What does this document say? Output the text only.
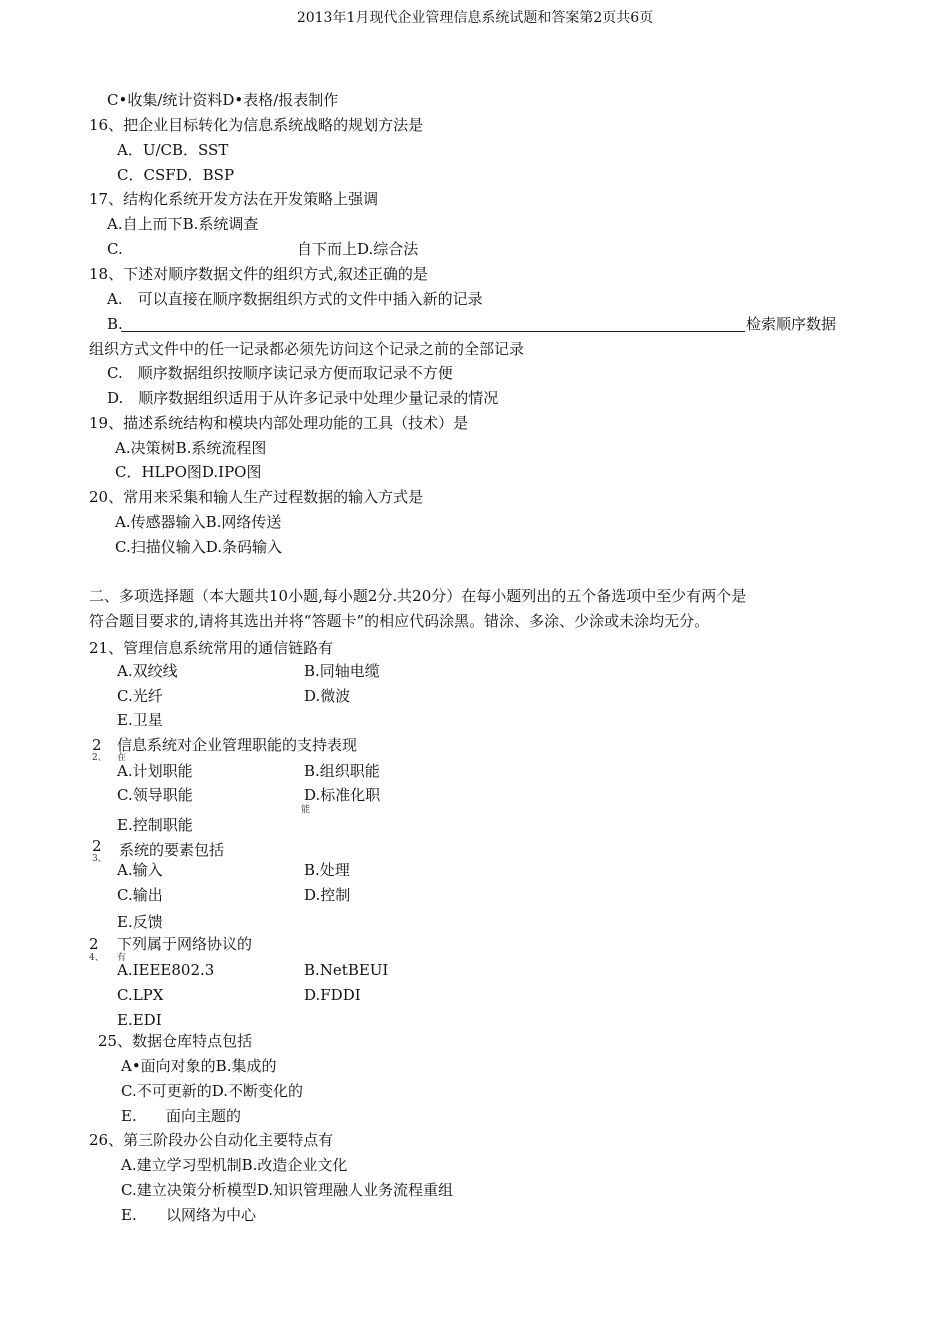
2013年1月现代企业管理信息系统试题和答案第2页共6页
C•收集/统计资料D•表格/报表制作
16、把企业目标转化为信息系统战略的规划方法是
A．U/CB．SST
C．CSFD．BSP
17、结构化系统开发方法在开发策略上强调
A.自上而下B.系统调查
C.	自下而上D.综合法
18、下述对顺序数据文件的组织方式,叙述正确的是
A.　可以直接在顺序数据组织方式的文件中插入新的记录
B.	检索顺序数据
组织方式文件中的任一记录都必须先访问这个记录之前的全部记录
C.　顺序数据组织按顺序读记录方便而取记录不方便
D.　顺序数据组织适用于从许多记录中处理少量记录的情况
19、描述系统结构和模块内部处理功能的工具（技术）是
A.决策树B.系统流程图
C．HLPO图D.IPO图
20、常用来采集和输人生产过程数据的输入方式是
A.传感器输入B.网络传送
C.扫描仪输入D.条码输入
二、多项选择题（本大题共10小题,每小题2分.共20分）在每小题列出的五个备选项中至少有两个是
符合题目要求的,请将其选出并将“答题卡”的相应代码涂黑。错涂、多涂、少涂或未涂均无分。
21、管理信息系统常用的通信链路有
A.双绞线	B.同轴电缆
C.光纤	D.微波
E.卫星
2
2、
信息系统对企业管理职能的支持表现
在
A.计划职能	B.组织职能
C.领导职能	D.标准化职
能
E.控制职能
2
3、 系统的要素包括
A.输入	B.处理
C.输出	D.控制
E.反馈
2
4、
下列属于网络协议的
有
A.IEEE802.3	B.NetBEUI
C.LPX	D.FDDI
E.EDI
25、数据仓库特点包括
A•面向对象的B.集成的
C.不可更新的D.不断变化的
E. 面向主题的
26、第三阶段办公自动化主要特点有
A.建立学习型机制B.改造企业文化
C.建立决策分析模型D.知识管理融人业务流程重组
E. 以网络为中心
